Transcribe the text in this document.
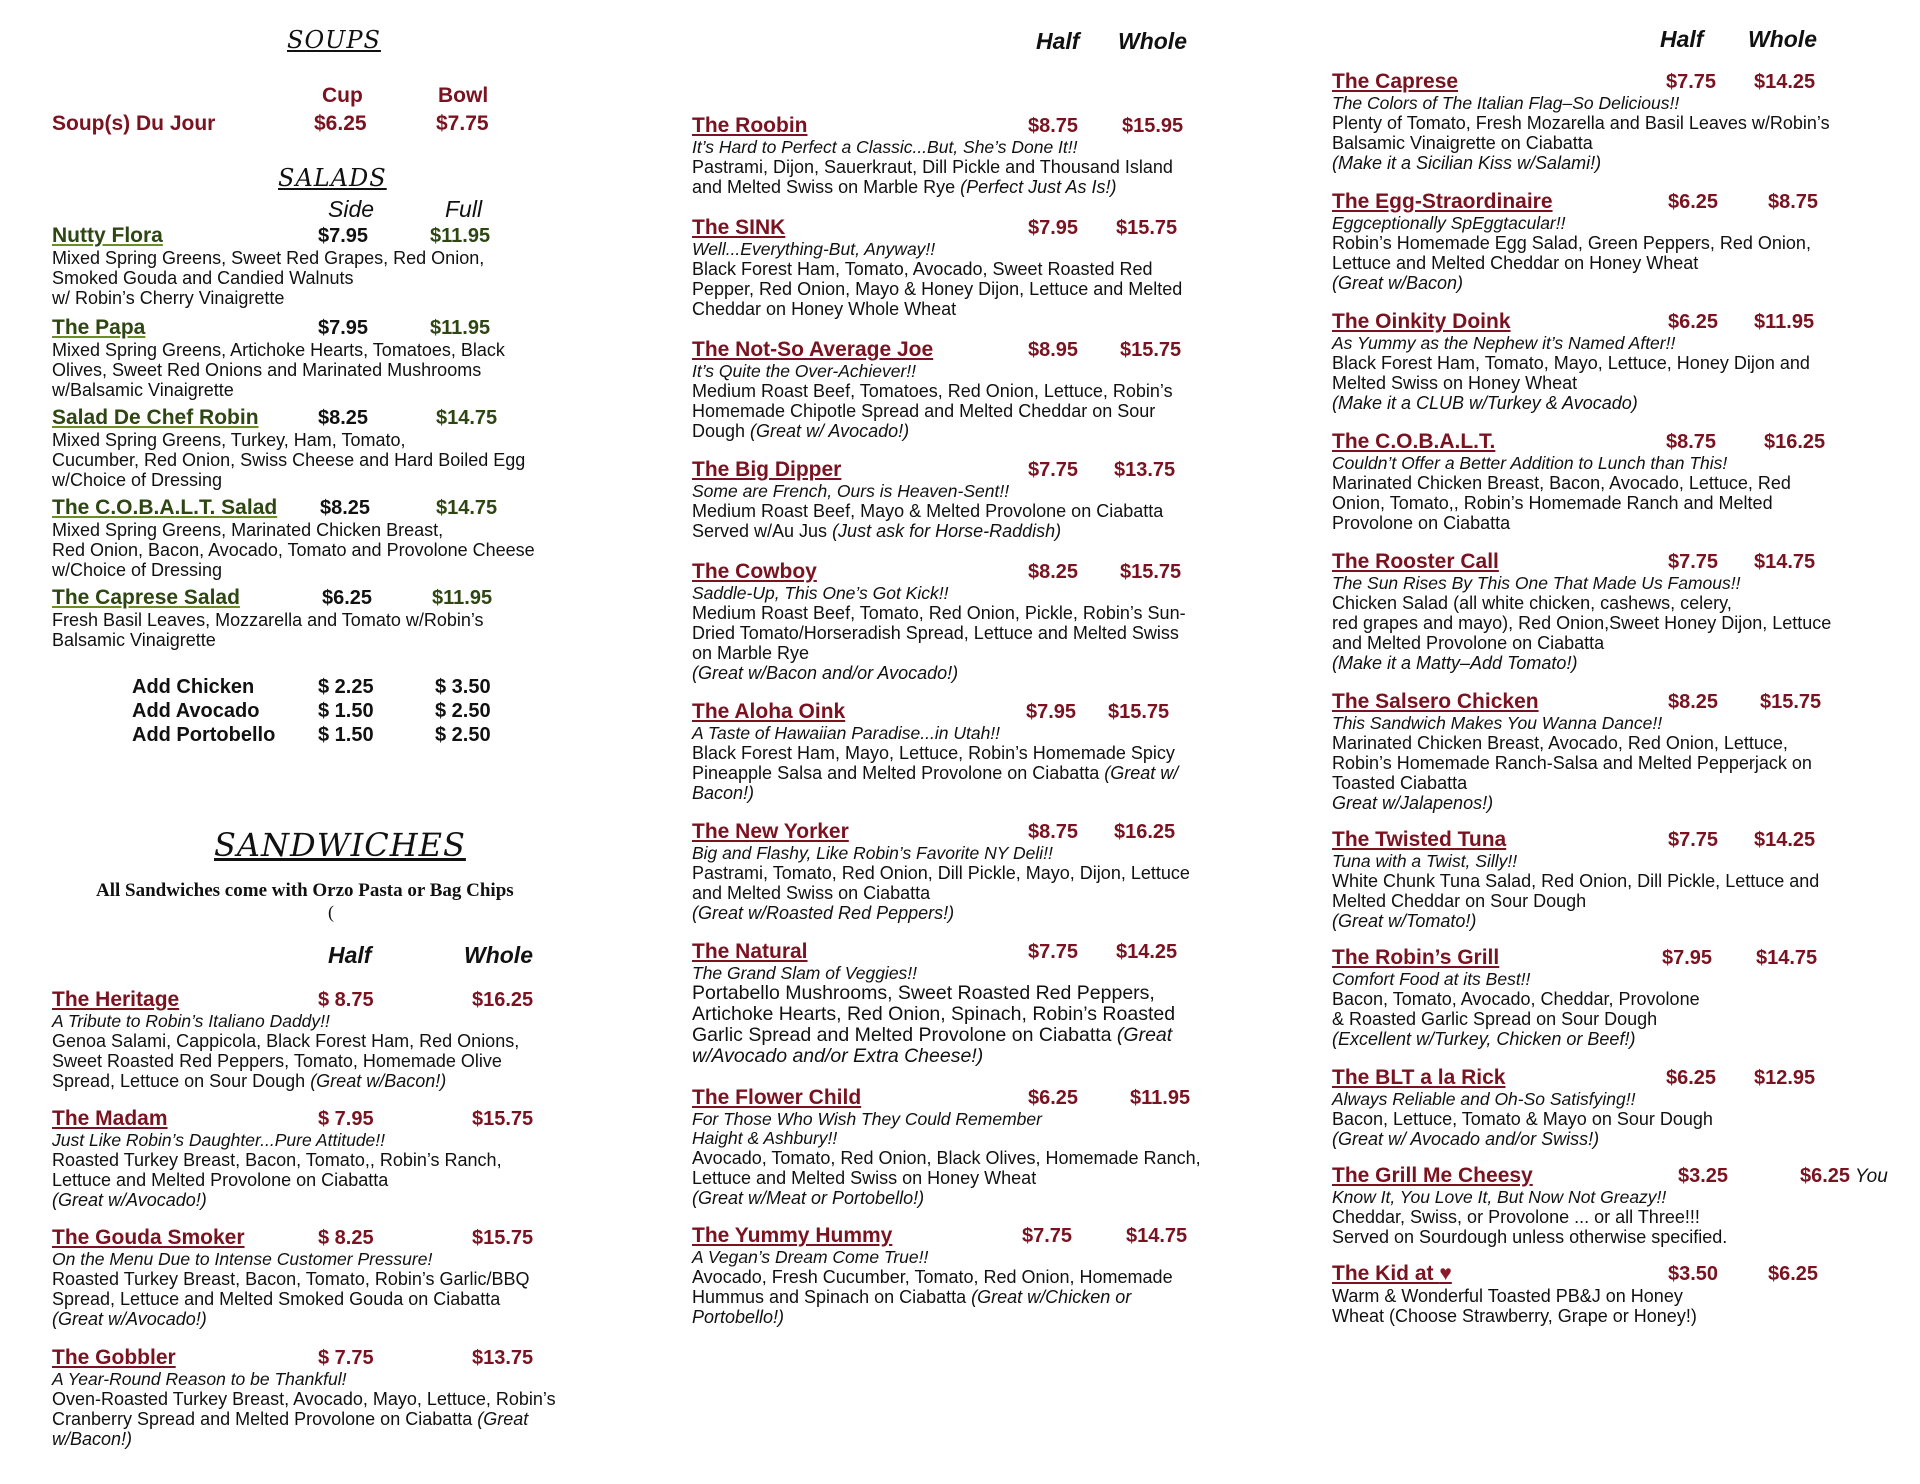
SOUPS
Cup	Bowl
Soup(s) Du Jour	$6.25	$7.75
SALADS
Side	Full
Nutty Flora	$7.95	$11.95
Mixed Spring Greens, Sweet Red Grapes, Red Onion,
Smoked Gouda and Candied Walnuts
w/ Robin’s Cherry Vinaigrette
The Papa	$7.95	$11.95
Mixed Spring Greens, Artichoke Hearts, Tomatoes, Black
Olives, Sweet Red Onions and Marinated Mushrooms
w/Balsamic Vinaigrette
Salad De Chef Robin	$8.25	$14.75
Mixed Spring Greens, Turkey, Ham, Tomato,
Cucumber, Red Onion, Swiss Cheese and Hard Boiled Egg
w/Choice of Dressing
The C.O.B.A.L.T. Salad	$8.25	$14.75
Mixed Spring Greens, Marinated Chicken Breast,
Red Onion, Bacon, Avocado, Tomato and Provolone Cheese
w/Choice of Dressing
The Caprese Salad	$6.25	$11.95
Fresh Basil Leaves, Mozzarella and Tomato w/Robin’s
Balsamic Vinaigrette
Add Chicken	$ 2.25	$ 3.50
Add Avocado	$ 1.50	$ 2.50
Add Portobello $ 1.50	$ 2.50
SANDWICHES
All Sandwiches come with Orzo Pasta or Bag Chips
(
Half	Whole
The Heritage	$ 8.75	$16.25
A Tribute to Robin’s Italiano Daddy!!
Genoa Salami, Cappicola, Black Forest Ham, Red Onions,
Sweet Roasted Red Peppers, Tomato, Homemade Olive
Spread, Lettuce on Sour Dough (Great w/Bacon!)
The Madam	$ 7.95	$15.75
Just Like Robin’s Daughter...Pure Attitude!!
Roasted Turkey Breast, Bacon, Tomato,, Robin’s Ranch,
Lettuce and Melted Provolone on Ciabatta
(Great w/Avocado!)
The Gouda Smoker	$ 8.25	$15.75
On the Menu Due to Intense Customer Pressure!
Roasted Turkey Breast, Bacon, Tomato, Robin’s Garlic/BBQ
Spread, Lettuce and Melted Smoked Gouda on Ciabatta
(Great w/Avocado!)
The Gobbler	$ 7.75	$13.75
A Year-Round Reason to be Thankful!
Oven-Roasted Turkey Breast, Avocado, Mayo, Lettuce, Robin’s
Cranberry Spread and Melted Provolone on Ciabatta (Great
w/Bacon!)
Half Whole
The Roobin	$8.75 $15.95
It’s Hard to Perfect a Classic...But, She’s Done It!!
Pastrami, Dijon, Sauerkraut, Dill Pickle and Thousand Island
and Melted Swiss on Marble Rye (Perfect Just As Is!)
The SINK	$7.95 $15.75
Well...Everything-But, Anyway!!
Black Forest Ham, Tomato, Avocado, Sweet Roasted Red
Pepper, Red Onion, Mayo & Honey Dijon, Lettuce and Melted
Cheddar on Honey Whole Wheat
The Not-So Average Joe	$8.95 $15.75
It’s Quite the Over-Achiever!!
Medium Roast Beef, Tomatoes, Red Onion, Lettuce, Robin’s
Homemade Chipotle Spread and Melted Cheddar on Sour
Dough (Great w/ Avocado!)
The Big Dipper	$7.75 $13.75
Some are French, Ours is Heaven-Sent!!
Medium Roast Beef, Mayo & Melted Provolone on Ciabatta
Served w/Au Jus (Just ask for Horse-Raddish)
The Cowboy	$8.25 $15.75
Saddle-Up, This One’s Got Kick!!
Medium Roast Beef, Tomato, Red Onion, Pickle, Robin’s Sun-
Dried Tomato/Horseradish Spread, Lettuce and Melted Swiss
on Marble Rye
(Great w/Bacon and/or Avocado!)
The Aloha Oink	$7.95 $15.75
A Taste of Hawaiian Paradise...in Utah!!
Black Forest Ham, Mayo, Lettuce, Robin’s Homemade Spicy
Pineapple Salsa and Melted Provolone on Ciabatta (Great w/
Bacon!)
The New Yorker	$8.75 $16.25
Big and Flashy, Like Robin’s Favorite NY Deli!!
Pastrami, Tomato, Red Onion, Dill Pickle, Mayo, Dijon, Lettuce
and Melted Swiss on Ciabatta
(Great w/Roasted Red Peppers!)
The Natural	$7.75 $14.25
The Grand Slam of Veggies!!
Portabello Mushrooms, Sweet Roasted Red Peppers,
Artichoke Hearts, Red Onion, Spinach, Robin’s Roasted
Garlic Spread and Melted Provolone on Ciabatta (Great
w/Avocado and/or Extra Cheese!)
The Flower Child	$6.25	$11.95
For Those Who Wish They Could Remember
Haight & Ashbury!!
Avocado, Tomato, Red Onion, Black Olives, Homemade Ranch,
Lettuce and Melted Swiss on Honey Wheat
(Great w/Meat or Portobello!)
The Yummy Hummy	$7.75	$14.75
A Vegan’s Dream Come True!!
Avocado, Fresh Cucumber, Tomato, Red Onion, Homemade
Hummus and Spinach on Ciabatta (Great w/Chicken or
Portobello!)
Half Whole
The Caprese	$7.75 $14.25
The Colors of The Italian Flag–So Delicious!!
Plenty of Tomato, Fresh Mozarella and Basil Leaves w/Robin’s
Balsamic Vinaigrette on Ciabatta
(Make it a Sicilian Kiss w/Salami!)
The Egg-Straordinaire	$6.25 $8.75
Eggceptionally SpEggtacular!!
Robin’s Homemade Egg Salad, Green Peppers, Red Onion,
Lettuce and Melted Cheddar on Honey Wheat
(Great w/Bacon)
The Oinkity Doink	$6.25 $11.95
As Yummy as the Nephew it’s Named After!!
Black Forest Ham, Tomato, Mayo, Lettuce, Honey Dijon and
Melted Swiss on Honey Wheat
(Make it a CLUB w/Turkey & Avocado)
The C.O.B.A.L.T.	$8.75 $16.25
Couldn’t Offer a Better Addition to Lunch than This!
Marinated Chicken Breast, Bacon, Avocado, Lettuce, Red
Onion, Tomato,, Robin’s Homemade Ranch and Melted
Provolone on Ciabatta
The Rooster Call	$7.75 $14.75
The Sun Rises By This One That Made Us Famous!!
Chicken Salad (all white chicken, cashews, celery,
red grapes and mayo), Red Onion,Sweet Honey Dijon, Lettuce
and Melted Provolone on Ciabatta
(Make it a Matty–Add Tomato!)
The Salsero Chicken	$8.25 $15.75
This Sandwich Makes You Wanna Dance!!
Marinated Chicken Breast, Avocado, Red Onion, Lettuce,
Robin’s Homemade Ranch-Salsa and Melted Pepperjack on
Toasted Ciabatta
Great w/Jalapenos!)
The Twisted Tuna	$7.75 $14.25
Tuna with a Twist, Silly!!
White Chunk Tuna Salad, Red Onion, Dill Pickle, Lettuce and
Melted Cheddar on Sour Dough
(Great w/Tomato!)
The Robin’s Grill	$7.95 $14.75
Comfort Food at its Best!!
Bacon, Tomato, Avocado, Cheddar, Provolone
& Roasted Garlic Spread on Sour Dough
(Excellent w/Turkey, Chicken or Beef!)
The BLT a la Rick	$6.25 $12.95
Always Reliable and Oh-So Satisfying!!
Bacon, Lettuce, Tomato & Mayo on Sour Dough
(Great w/ Avocado and/or Swiss!)
The Grill Me Cheesy	$3.25	$6.25 You
Know It, You Love It, But Now Not Greazy!!
Cheddar, Swiss, or Provolone ... or all Three!!!
Served on Sourdough unless otherwise specified.
The Kid at ♥	$3.50 $6.25
Warm & Wonderful Toasted PB&J on Honey
Wheat (Choose Strawberry, Grape or Honey!)
